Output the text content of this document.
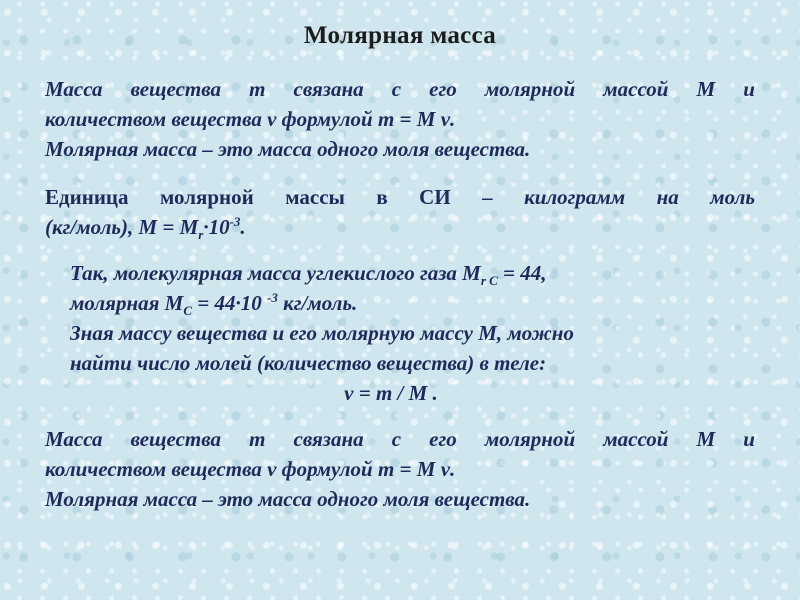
Молярная масса
Масса вещества m связана с его молярной массой M и
количеством вещества ν формулой m = M ν.
Молярная масса – это масса одного моля вещества.
Единица молярной массы в СИ – килограмм на моль
(кг/моль), $M = M_r\cdot 10^{-3}$.
Так, молекулярная масса углекислого газа $M_{r C} = 44$,
молярная $M_C = 44\cdot 10$ $^{-3}$ кг/моль.
Зная массу вещества и его молярную массу M, можно
найти число молей (количество вещества) в теле:
ν = m / M .
Масса вещества m связана с его молярной массой M и
количеством вещества ν формулой m = M ν.
Молярная масса – это масса одного моля вещества.
